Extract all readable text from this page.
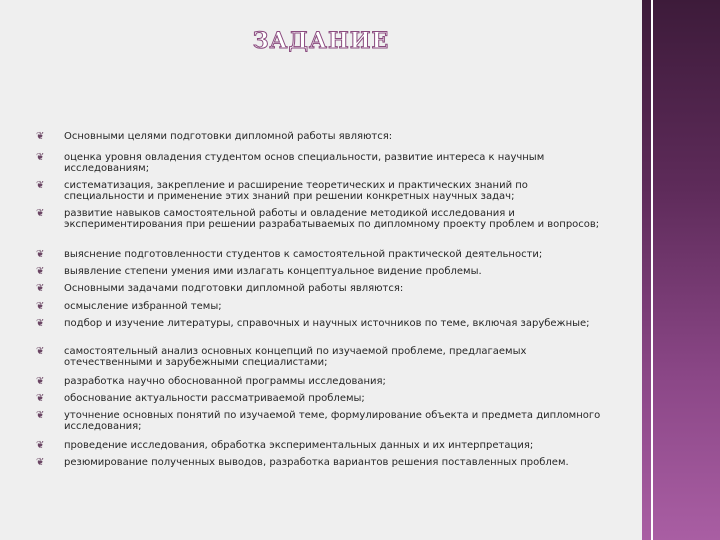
ЗАДАНИЕ
❦ Основными целями подготовки дипломной работы являются:
❦ оценка уровня овладения студентом основ специальности, развитие интереса к научным исследованиям;
❦ систематизация, закрепление и расширение теоретических и практических знаний по специальности и применение этих знаний при решении конкретных научных задач;
❦ развитие навыков самостоятельной работы и овладение методикой исследования и экспериментирования при решении разрабатываемых по дипломному проекту проблем и вопросов;
❦ выяснение подготовленности студентов к самостоятельной практической деятельности;
❦ выявление степени умения ими излагать концептуальное видение проблемы.
❦ Основными задачами подготовки дипломной работы являются:
❦ осмысление избранной темы;
❦ подбор и изучение литературы, справочных и научных источников по теме, включая зарубежные;
❦ самостоятельный анализ основных концепций по изучаемой проблеме, предлагаемых отечественными и зарубежными специалистами;
❦ разработка научно обоснованной программы исследования;
❦ обоснование актуальности рассматриваемой проблемы;
❦ уточнение основных понятий по изучаемой теме, формулирование объекта и предмета дипломного исследования;
❦ проведение исследования, обработка экспериментальных данных и их интерпретация;
❦ резюмирование полученных выводов, разработка вариантов решения поставленных проблем.
